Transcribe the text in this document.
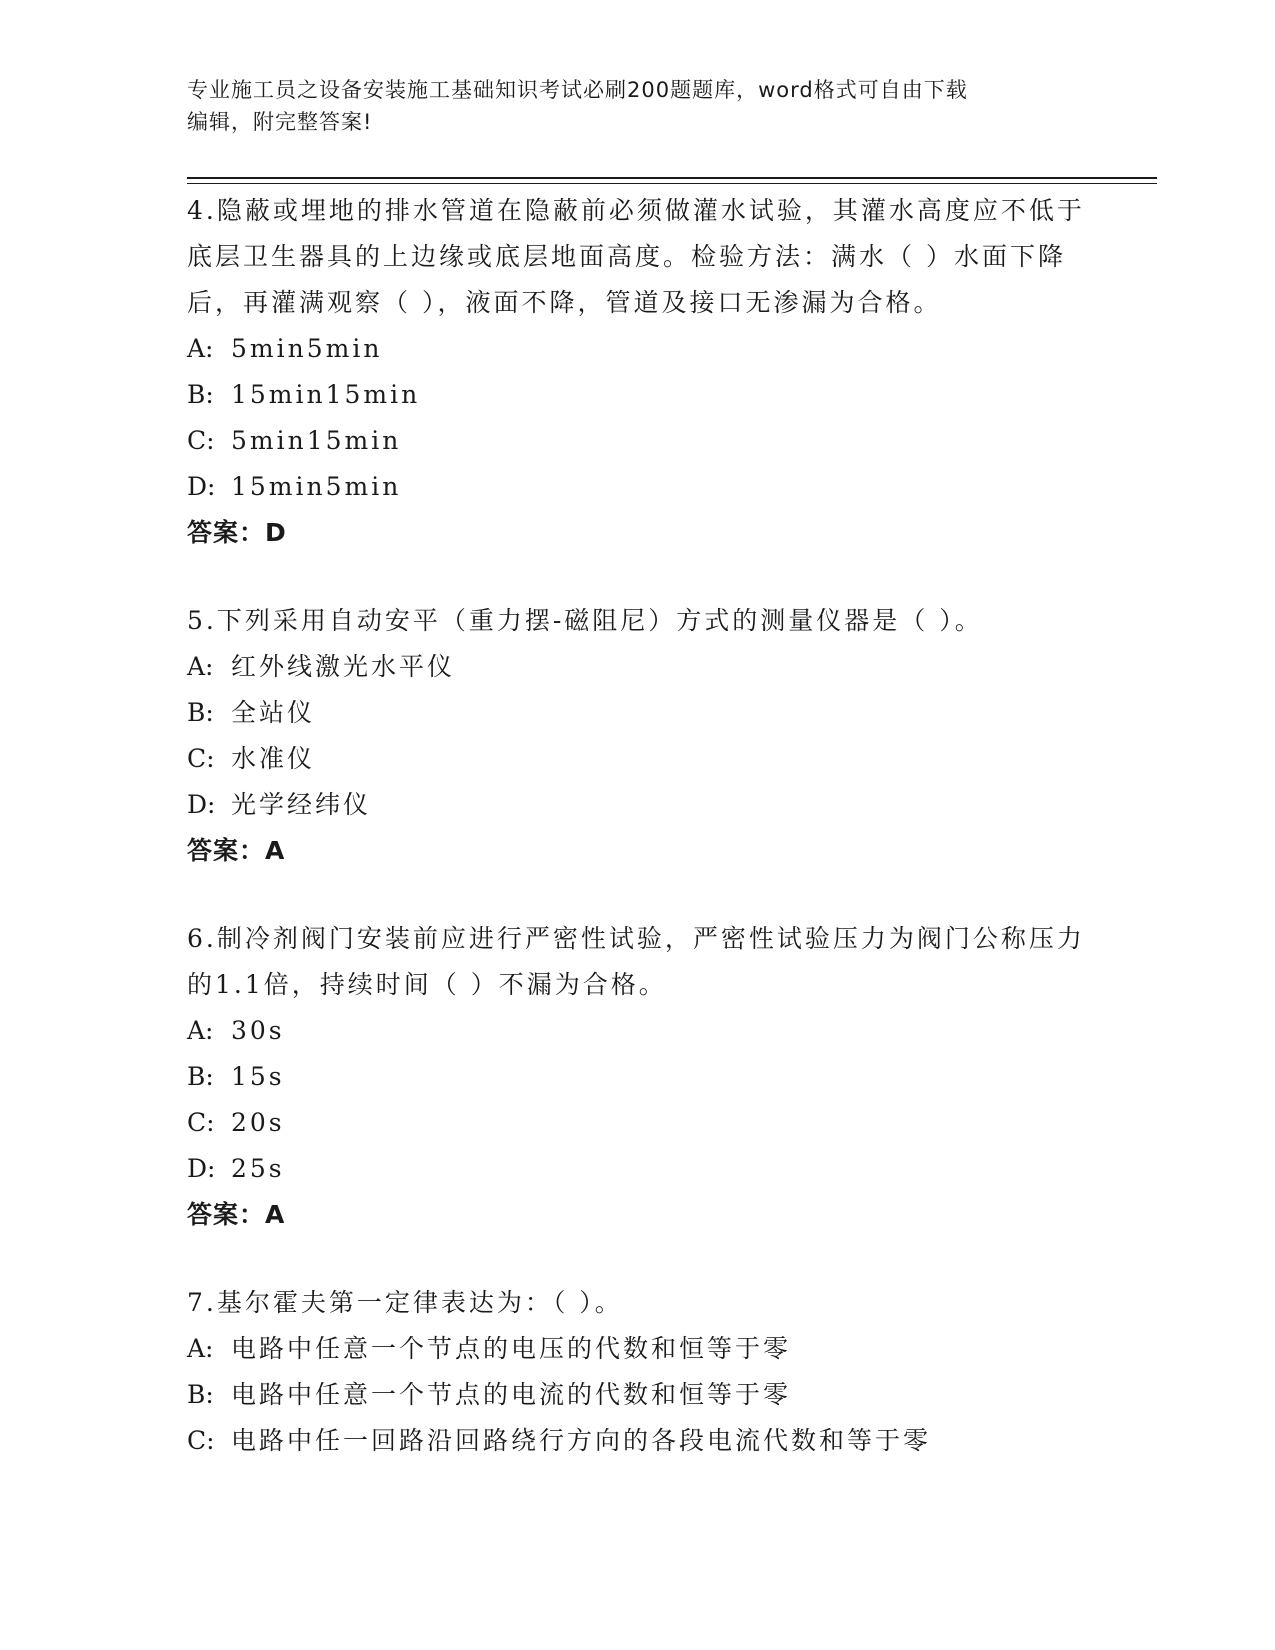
专业施工员之设备安装施工基础知识考试必刷200题题库，word格式可自由下载
编辑，附完整答案!

4.隐蔽或埋地的排水管道在隐蔽前必须做灌水试验，其灌水高度应不低于底层卫生器具的上边缘或底层地面高度。检验方法：满水（ ）水面下降后，再灌满观察（ ），液面不降，管道及接口无渗漏为合格。

A: 5min5min

B: 15min15min

C: 5min15min

D: 15min5min

答案：D

5.下列采用自动安平（重力摆-磁阻尼）方式的测量仪器是（ ）。

A: 红外线激光水平仪

B: 全站仪

C: 水准仪

D: 光学经纬仪

答案：A

6.制冷剂阀门安装前应进行严密性试验，严密性试验压力为阀门公称压力的1.1倍，持续时间（ ）不漏为合格。

A: 30s

B: 15s

C: 20s

D: 25s

答案：A

7.基尔霍夫第一定律表达为：（ ）。

A: 电路中任意一个节点的电压的代数和恒等于零

B: 电路中任意一个节点的电流的代数和恒等于零

C: 电路中任一回路沿回路绕行方向的各段电流代数和等于零
